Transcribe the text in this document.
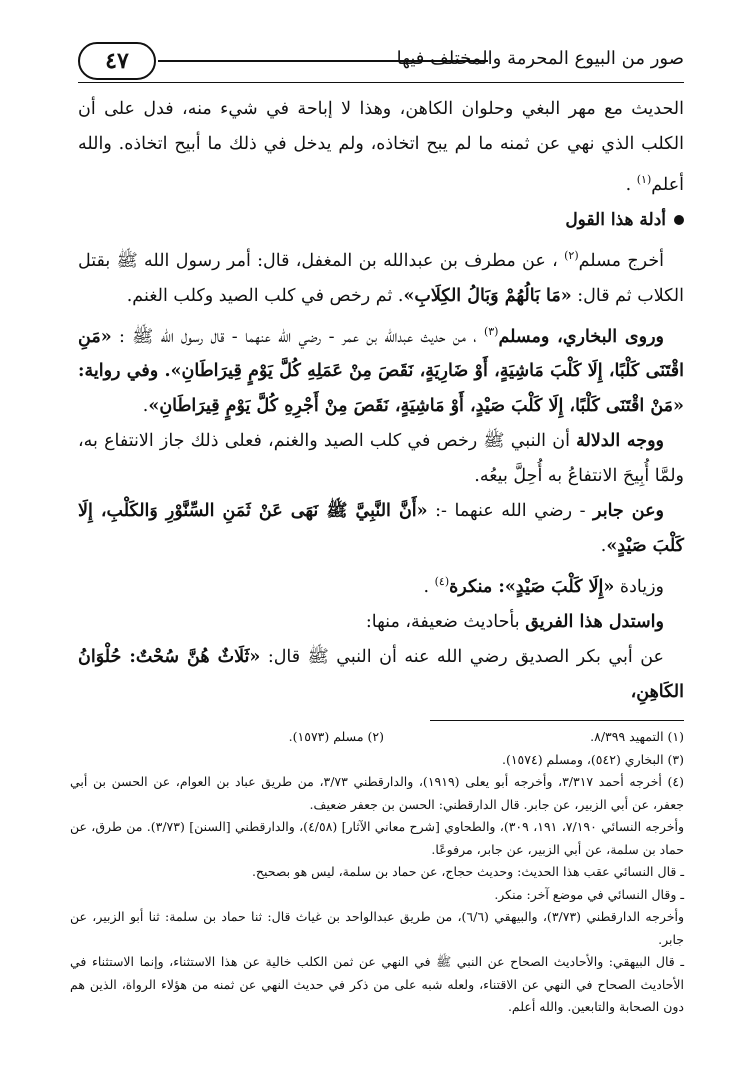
٤٧	صور من البيوع المحرمة والمختلف فيها

الحديث مع مهر البغي وحلوان الكاهن، وهذا لا إباحة في شيء منه، فدل على أن الكلب الذي نهي عن ثمنه ما لم يبح اتخاذه، ولم يدخل في ذلك ما أبيح اتخاذه. والله أعلم$^{(١)}$ .

أدلة هذا القول

أخرج مسلم$^{(٢)}$ ، عن مطرف بن عبدالله بن المغفل، قال: أمر رسول الله ﷺ بقتل الكلاب ثم قال: «مَا بَالُهُمْ وَبَالُ الكِلَابِ». ثم رخص في كلب الصيد وكلب الغنم.

وروى البخاري، ومسلم$^{(٣)}$ ، من حديث عبدالله بن عمر - رضي الله عنهما - قال رسول الله ﷺ : «مَنِ اقْتَنَى كَلْبًا، إِلَا كَلْبَ مَاشِيَةٍ، أَوْ ضَارِيَةٍ، نَقَصَ مِنْ عَمَلِهِ كُلَّ يَوْمٍ قِيرَاطَانِ». وفي رواية: «مَنْ اقْتَنَى كَلْبًا، إِلَا كَلْبَ صَيْدٍ، أَوْ مَاشِيَةٍ، نَقَصَ مِنْ أَجْرِهِ كُلَّ يَوْمٍ قِيرَاطَانِ».

ووجه الدلالة أن النبي ﷺ رخص في كلب الصيد والغنم، فعلى ذلك جاز الانتفاع به، ولمَّا أُبِيحَ الانتفاعُ به أُحِلَّ بيعُه.

وعن جابر - رضي الله عنهما -: «أَنَّ النَّبِيَّ ﷺ نَهَى عَنْ ثَمَنِ السِّنَّوْرِ وَالكَلْبِ، إِلَا كَلْبَ صَيْدٍ».

وزيادة «إِلَا كَلْبَ صَيْدٍ»: منكرة$^{(٤)}$ .

واستدل هذا الفريق بأحاديث ضعيفة، منها:

عن أبي بكر الصديق رضي الله عنه أن النبي ﷺ قال: «ثَلَاثٌ هُنَّ سُحْتٌ: حُلْوَانُ الكَاهِنِ،

(١) التمهيد ٨/٣٩٩.
(٢) مسلم (١٥٧٣).

(٣) البخاري (٥٤٢)، ومسلم (١٥٧٤).

(٤) أخرجه أحمد ٣/٣١٧، وأخرجه أبو يعلى (١٩١٩)، والدارقطني ٣/٧٣، من طريق عباد بن العوام، عن الحسن بن أبي جعفر، عن أبي الزبير، عن جابر. قال الدارقطني: الحسن بن جعفر ضعيف.

وأخرجه النسائي ٧/١٩٠، ١٩١، ٣٠٩)، والطحاوي [شرح معاني الآثار] (٤/٥٨)، والدارقطني [السنن] (٣/٧٣). من طرق، عن حماد بن سلمة، عن أبي الزبير، عن جابر، مرفوعًا.

ـ قال النسائي عقب هذا الحديث: وحديث حجاج، عن حماد بن سلمة، ليس هو بصحيح.

ـ وقال النسائي في موضع آخر: منكر.

وأخرجه الدارقطني (٣/٧٣)، والبيهقي (٦/٦)، من طريق عبدالواحد بن غياث قال: ثنا حماد بن سلمة: ثنا أبو الزبير، عن جابر.

ـ قال البيهقي: والأحاديث الصحاح عن النبي ﷺ في النهي عن ثمن الكلب خالية عن هذا الاستثناء، وإنما الاستثناء في الأحاديث الصحاح في النهي عن الاقتناء، ولعله شبه على من ذكر في حديث النهي عن ثمنه من هؤلاء الرواة، الذين هم دون الصحابة والتابعين. والله أعلم.
